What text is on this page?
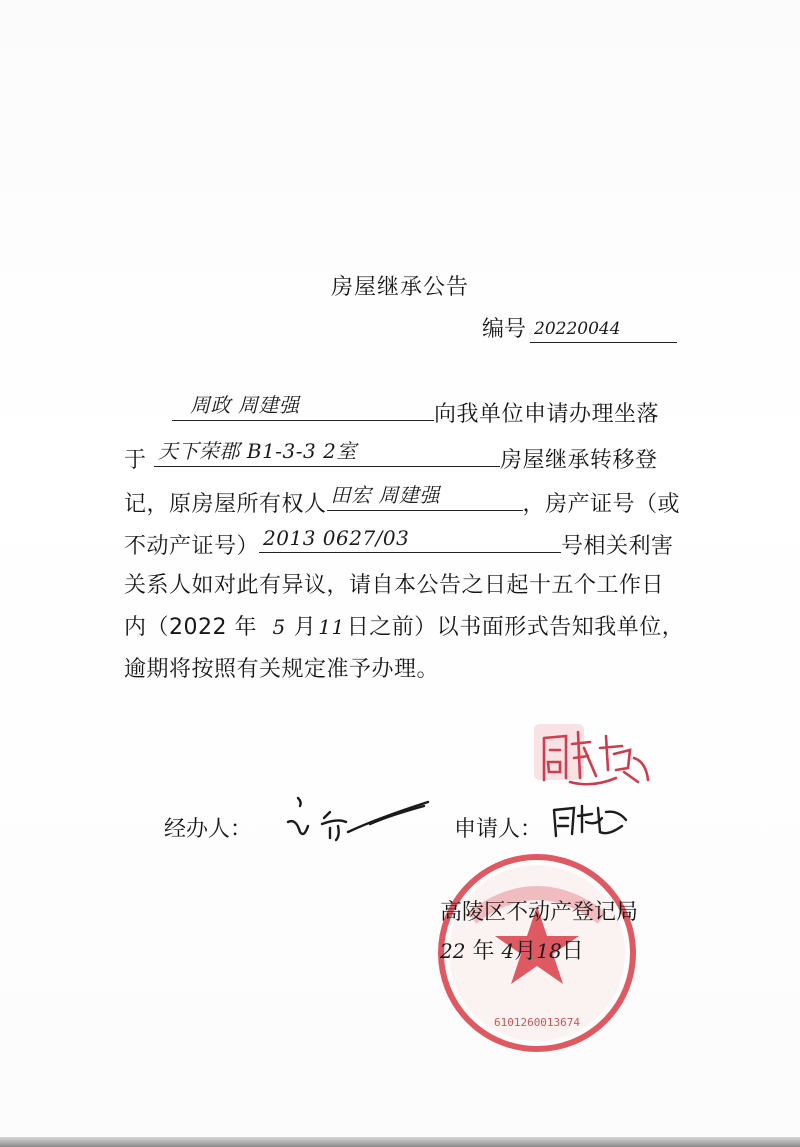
房屋继承公告
编号 20220044
周政 周建强	向我单位申请办理坐落
于 天下荣郡 B1-3-3 2室	房屋继承转移登
记，原房屋所有权人 田宏 周建强	，房产证号（或
不动产证号） 2013 0627/03	号相关利害
关系人如对此有异议，请自本公告之日起十五个工作日
内（2022 年 5 月 11日之前）以书面形式告知我单位，
逾期将按照有关规定准予办理。
经办人：	申请人：
610126001367​4
高陵区不动产登记局
22 年 4月18日
